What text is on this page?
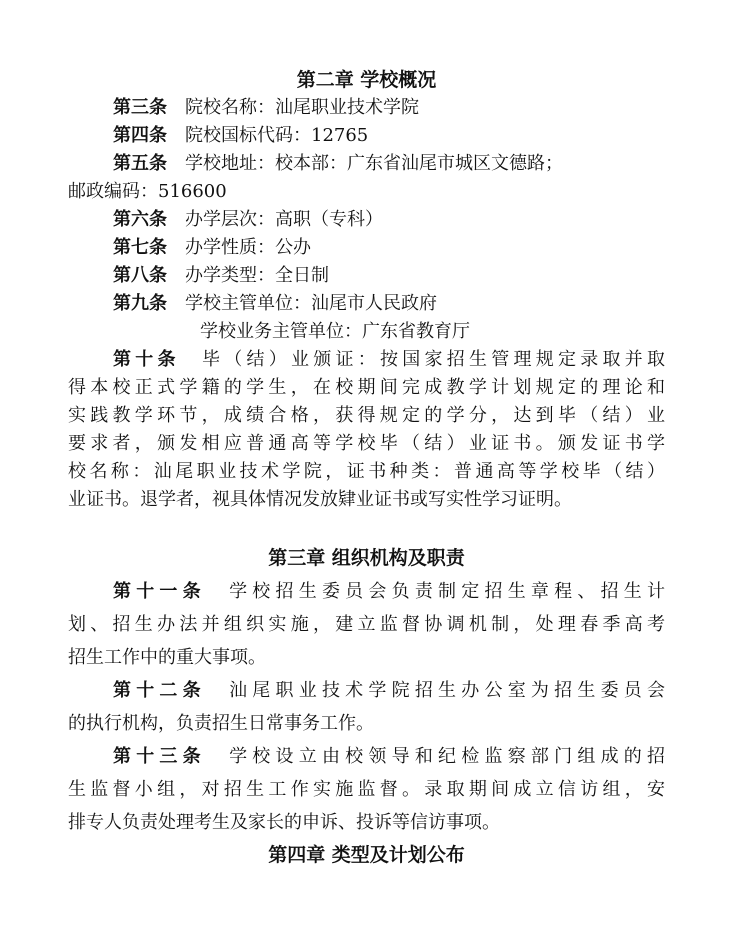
第二章 学校概况
第三条  院校名称：汕尾职业技术学院
第四条  院校国标代码：12765
第五条  学校地址：校本部：广东省汕尾市城区文德路；
邮政编码：516600
第六条  办学层次：高职（专科）
第七条  办学性质：公办
第八条  办学类型：全日制
第九条  学校主管单位：汕尾市人民政府
学校业务主管单位：广东省教育厅
第十条  毕（结）业颁证：按国家招生管理规定录取并取
得本校正式学籍的学生，在校期间完成教学计划规定的理论和
实践教学环节，成绩合格，获得规定的学分，达到毕（结）业
要求者，颁发相应普通高等学校毕（结）业证书。颁发证书学
校名称：汕尾职业技术学院，证书种类：普通高等学校毕（结）
业证书。退学者，视具体情况发放肄业证书或写实性学习证明。
第三章 组织机构及职责
第十一条  学校招生委员会负责制定招生章程、招生计
划、招生办法并组织实施，建立监督协调机制，处理春季高考
招生工作中的重大事项。
第十二条  汕尾职业技术学院招生办公室为招生委员会
的执行机构，负责招生日常事务工作。
第十三条  学校设立由校领导和纪检监察部门组成的招
生监督小组，对招生工作实施监督。录取期间成立信访组，安
排专人负责处理考生及家长的申诉、投诉等信访事项。
第四章 类型及计划公布
